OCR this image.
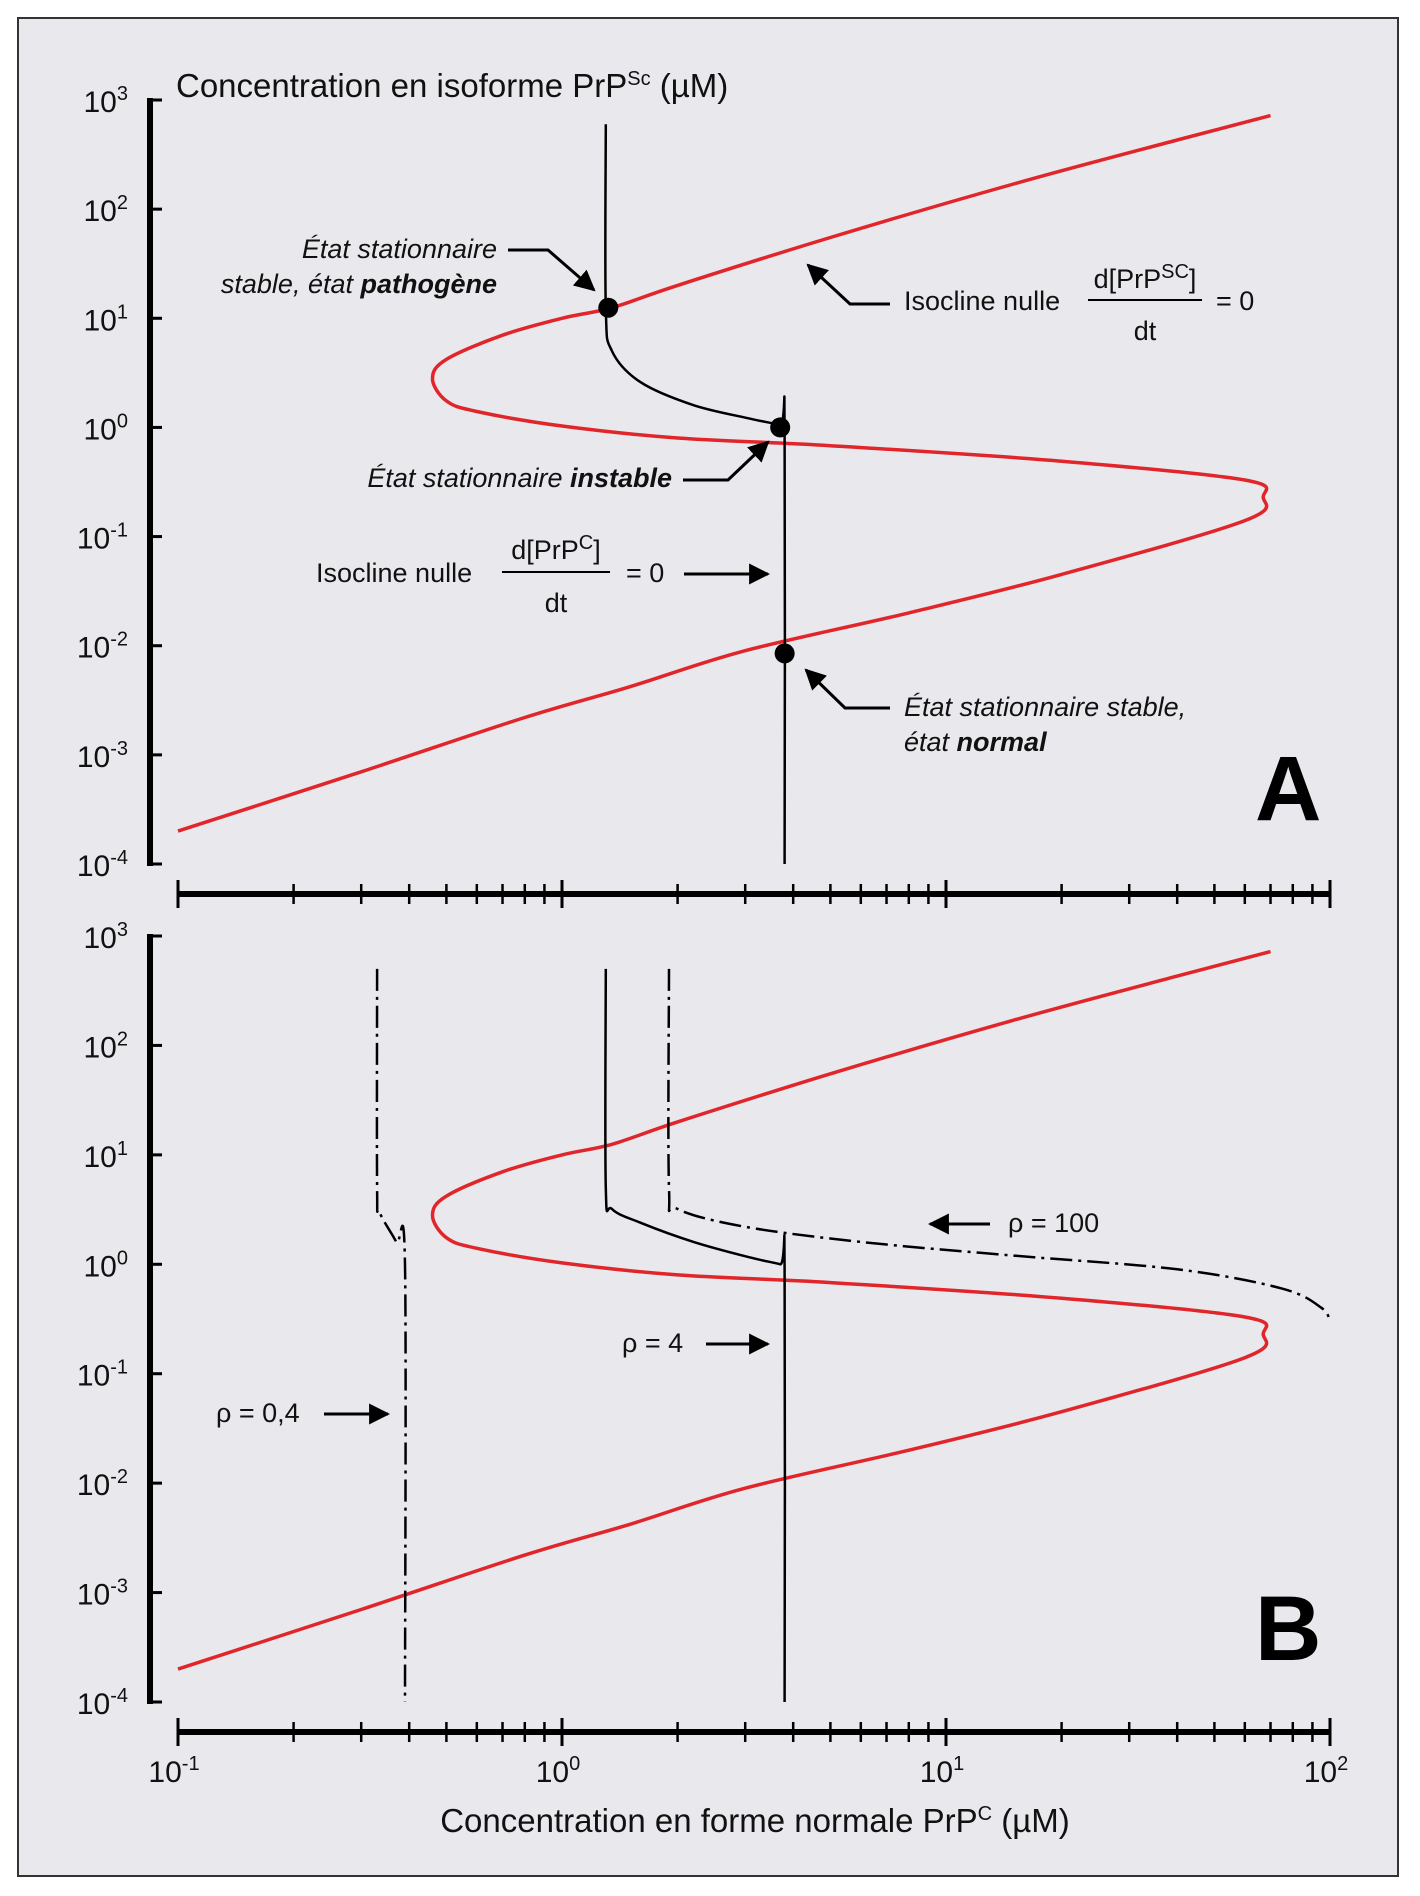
Concentration en isoforme PrP$^{Sc}$ (µM)
$10^3$
$10^2$
$10^1$
$10^0$
$10^{-1}$
$10^{-2}$
$10^{-3}$
$10^{-4}$
$10^3$
$10^2$
$10^1$
$10^0$
$10^{-1}$
$10^{-2}$
$10^{-3}$
$10^{-4}$
$10^{-1}$	$10^0$	$10^1$	$10^2$
État stationnaire
stable, état pathogène
État stationnaire instable
État stationnaire stable,
état normal
Isocline nulle
d[PrP$^{SC}$]
dt
= 0
Isocline nulle
d[PrP$^C$]
dt
= 0
A
ρ = 100
ρ = 4
ρ = 0,4
B
Concentration en forme normale PrP$^C$ (µM)
